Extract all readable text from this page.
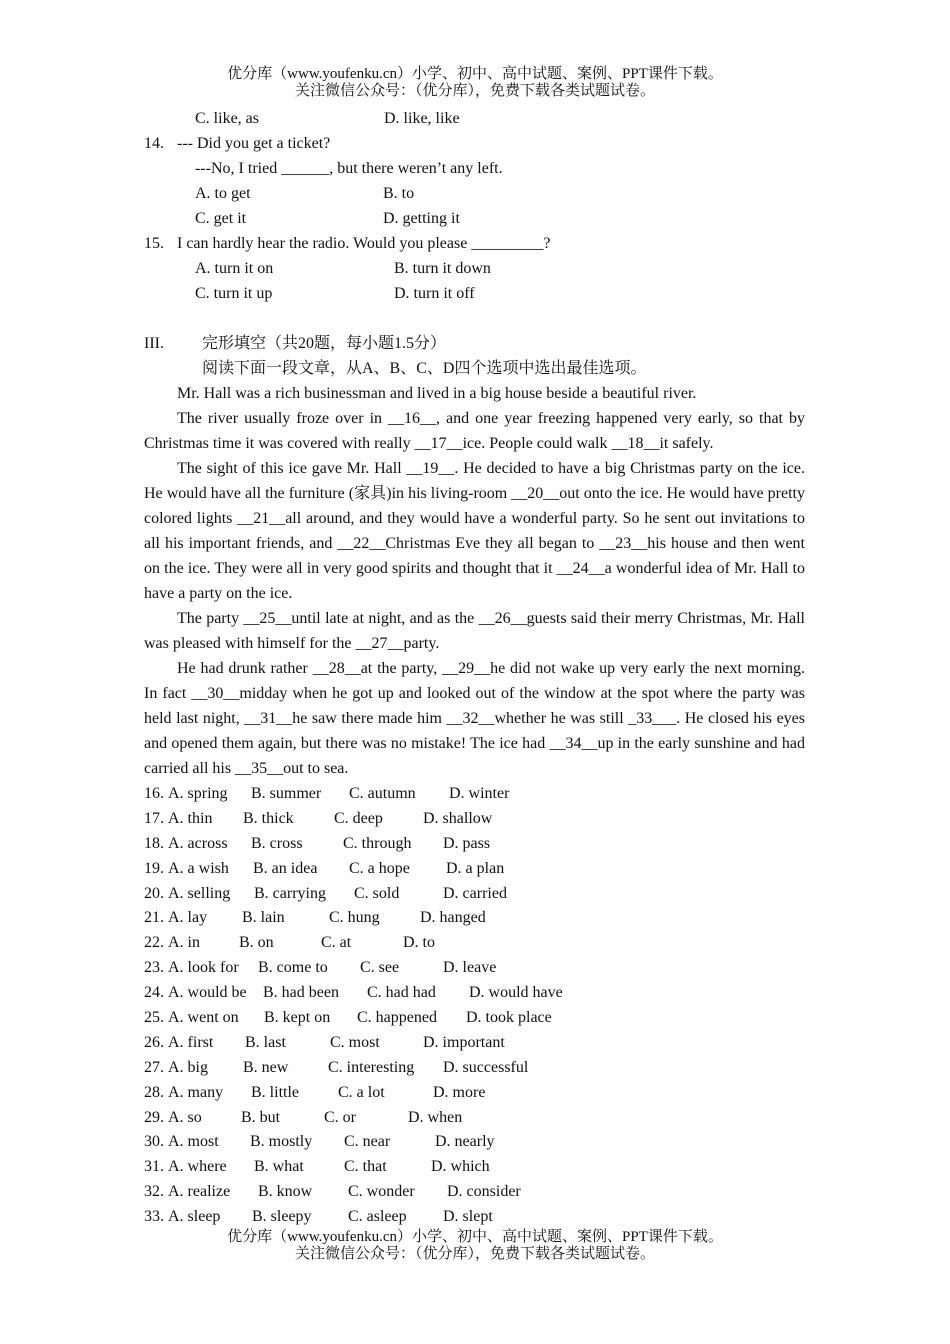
优分库（www.youfenku.cn）小学、初中、高中试题、案例、PPT课件下载。
关注微信公众号：（优分库），免费下载各类试题试卷。
C. like, as	D. like, like
14. --- Did you get a ticket?
---No, I tried ______, but there weren’t any left.
A. to get	B. to
C. get it	D. getting it
15. I can hardly hear the radio. Would you please _________?
A. turn it on	B. turn it down
C. turn it up	D. turn it off
III. 完形填空（共20题，每小题1.5分）
阅读下面一段文章，从A、B、C、D四个选项中选出最佳选项。

Mr. Hall was a rich businessman and lived in a big house beside a beautiful river.

The river usually froze over in __16__, and one year freezing happened very early, so that by Christmas time it was covered with really __17__ice. People could walk __18__it safely.

The sight of this ice gave Mr. Hall __19__. He decided to have a big Christmas party on the ice. He would have all the furniture (家具)in his living-room __20__out onto the ice. He would have pretty colored lights __21__all around, and they would have a wonderful party. So he sent out invitations to all his important friends, and __22__Christmas Eve they all began to __23__his house and then went on the ice. They were all in very good spirits and thought that it __24__a wonderful idea of Mr. Hall to have a party on the ice.

The party __25__until late at night, and as the __26__guests said their merry Christmas, Mr. Hall was pleased with himself for the __27__party.

He had drunk rather __28__at the party, __29__he did not wake up very early the next morning. In fact __30__midday when he got up and looked out of the window at the spot where the party was held last night, __31__he saw there made him __32__whether he was still _33___. He closed his eyes and opened them again, but there was no mistake! The ice had __34__up in the early sunshine and had carried all his __35__out to sea.

16. A. spring B. summer C. autumn D. winter
17. A. thin B. thick	C. deep	D. shallow
18. A. across B. cross	C. through D. pass
19. A. a wish B. an idea C. a hope D. a plan
20. A. selling B. carrying C. sold	D. carried
21. A. lay B. lain	C. hung	D. hanged
22. A. in B. on	C. at	D. to
23. A. look for B. come to C. see	D. leave
24. A. would be B. had been C. had had D. would have
25. A. went on B. kept on C. happened D. took place
26. A. first B. last	C. most	D. important
27. A. big B. new C. interesting D. successful
28. A. many B. little C. a lot	D. more
29. A. so B. but	C. or	D. when
30. A. most B. mostly C. near	D. nearly
31. A. where B. what	C. that	D. which
32. A. realize B. know C. wonder D. consider
33. A. sleep B. sleepy C. asleep D. slept
优分库（www.youfenku.cn）小学、初中、高中试题、案例、PPT课件下载。
关注微信公众号：（优分库），免费下载各类试题试卷。
